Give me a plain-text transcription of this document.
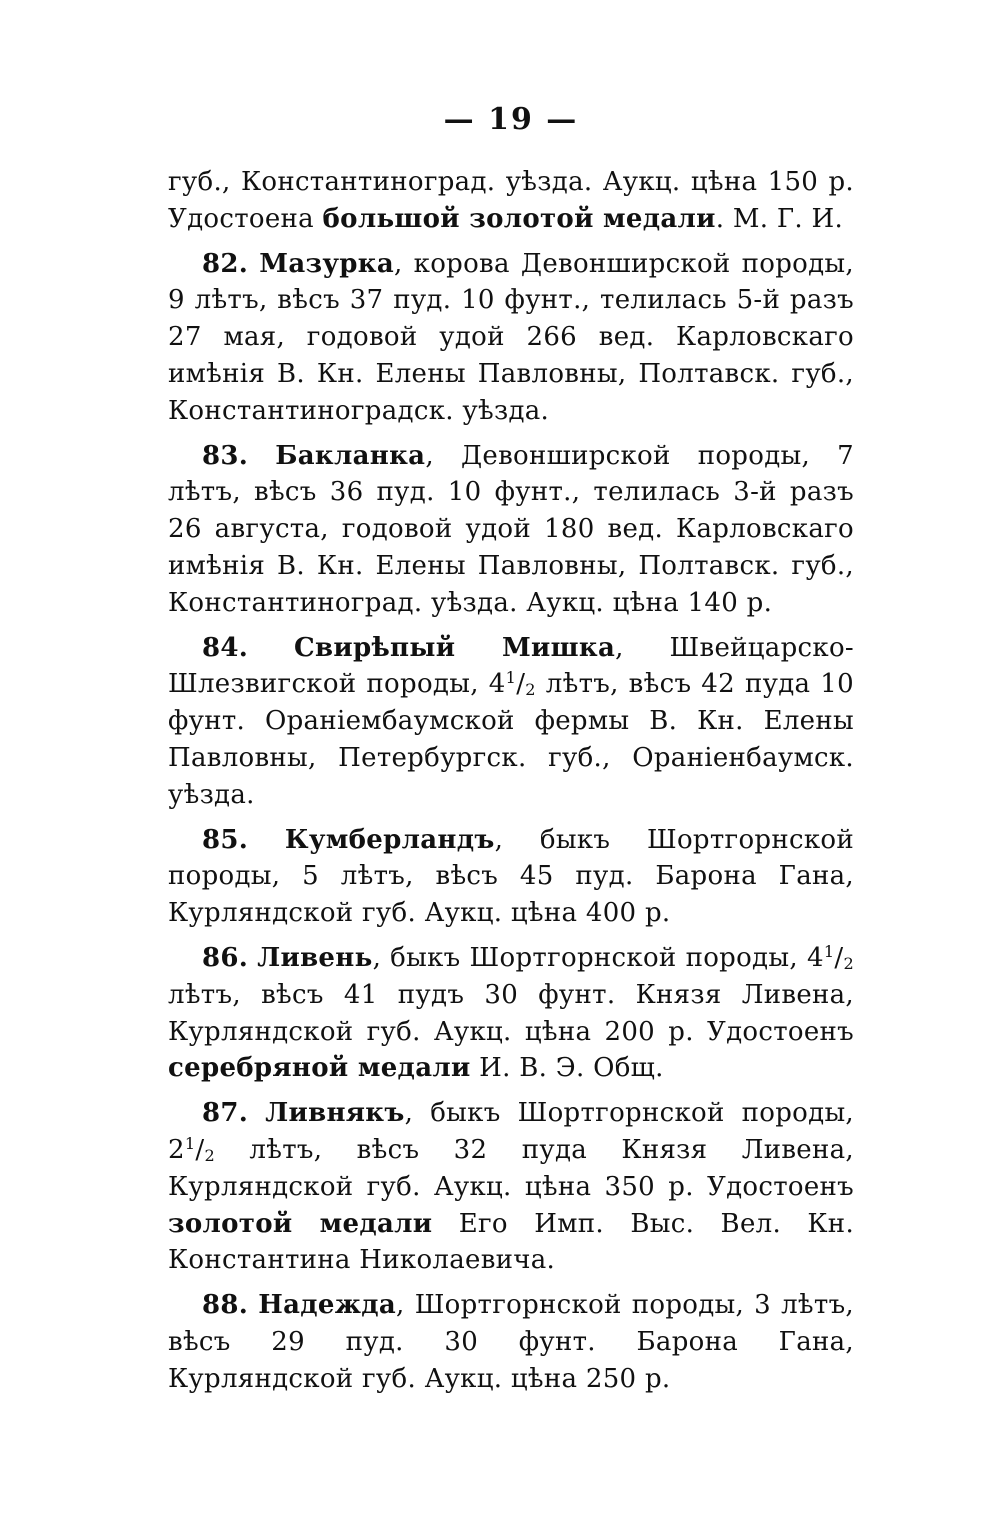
— 19 —

губ., Константиноград. уѣзда. Аукц. цѣна 150 р. Удостоена большой золотой медали. М. Г. И.

82. Мазурка, корова Девонширской породы, 9 лѣтъ, вѣсъ 37 пуд. 10 фунт., телилась 5-й разъ 27 мая, годовой удой 266 вед. Карловскаго имѣнія В. Кн. Елены Павловны, Полтавск. губ., Константиноградск. уѣзда.

83. Бакланка, Девонширской породы, 7 лѣтъ, вѣсъ 36 пуд. 10 фунт., телилась 3-й разъ 26 августа, годовой удой 180 вед. Карловскаго имѣнія В. Кн. Елены Павловны, Полтавск. губ., Константиноград. уѣзда. Аукц. цѣна 140 р.

84. Свирѣпый Мишка, Швейцарско-Шлезвигской породы, $4^1/_2$ лѣтъ, вѣсъ 42 пуда 10 фунт. Ораніембаумской фермы В. Кн. Елены Павловны, Петербургск. губ., Ораніенбаумск. уѣзда.

85. Кумберландъ, быкъ Шортгорнской породы, 5 лѣтъ, вѣсъ 45 пуд. Барона Гана, Курляндской губ. Аукц. цѣна 400 р.

86. Ливень, быкъ Шортгорнской породы, $4^1/_2$ лѣтъ, вѣсъ 41 пудъ 30 фунт. Князя Ливена, Курляндской губ. Аукц. цѣна 200 р. Удостоенъ серебряной медали И. В. Э. Общ.

87. Ливнякъ, быкъ Шортгорнской породы, $2^1/_2$ лѣтъ, вѣсъ 32 пуда Князя Ливена, Курляндской губ. Аукц. цѣна 350 р. Удостоенъ золотой медали Его Имп. Выс. Вел. Кн. Константина Николаевича.

88. Надежда, Шортгорнской породы, 3 лѣтъ, вѣсъ 29 пуд. 30 фунт. Барона Гана, Курляндской губ. Аукц. цѣна 250 р.
